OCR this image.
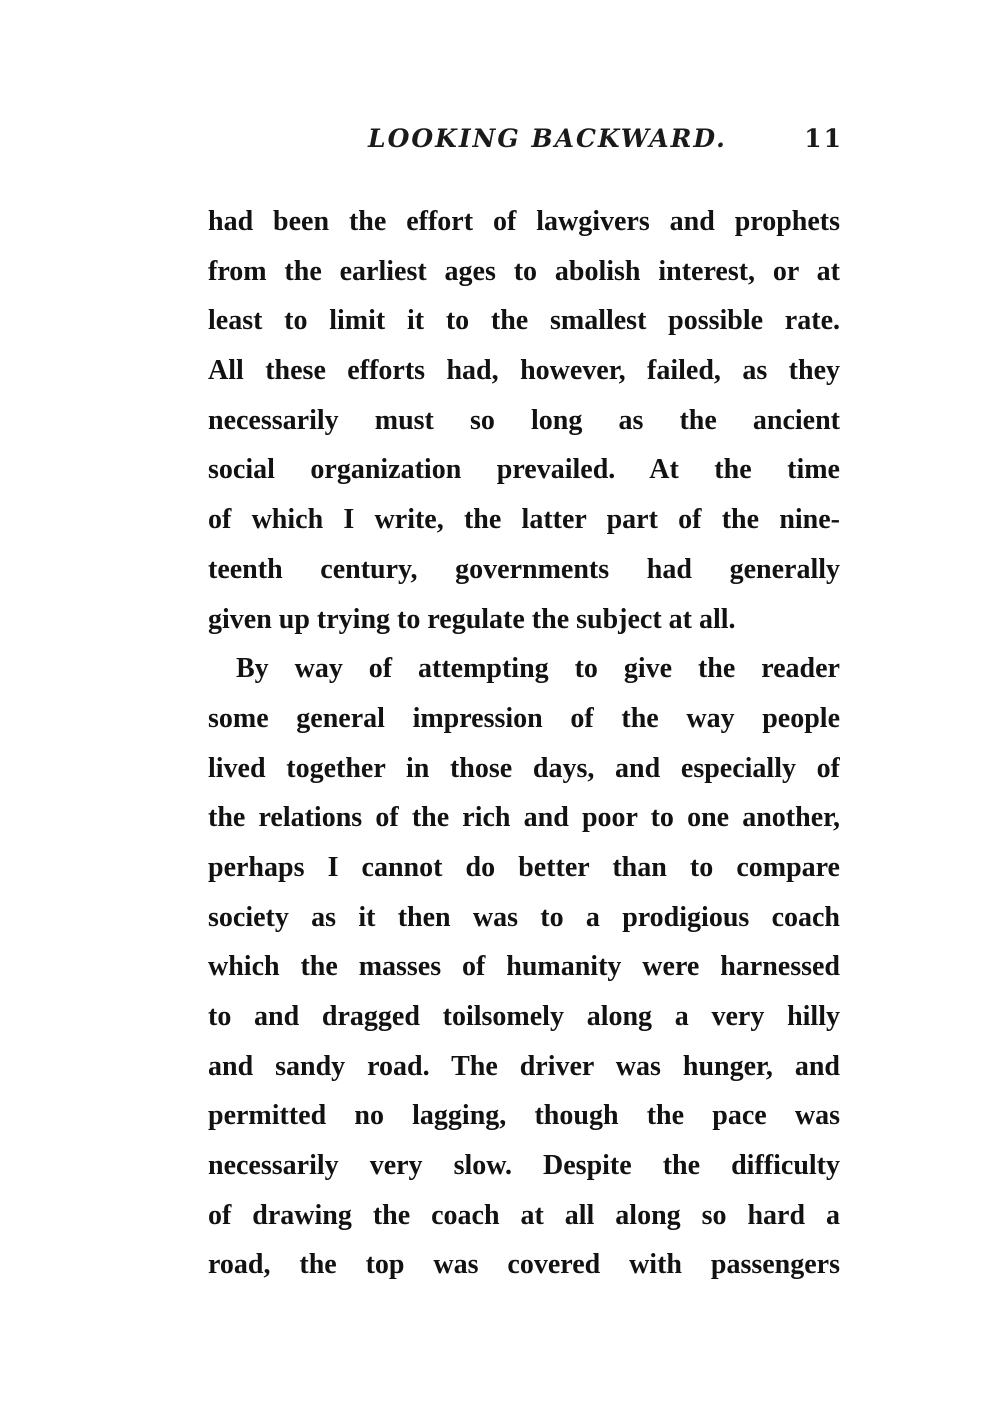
LOOKING BACKWARD.	11
had been the effort of lawgivers and prophets
from the earliest ages to abolish interest, or at
least to limit it to the smallest possible rate.
All these efforts had, however, failed, as they
necessarily must so long as the ancient
social organization prevailed. At the time
of which I write, the latter part of the nine-
teenth century, governments had generally
given up trying to regulate the subject at all.
By way of attempting to give the reader
some general impression of the way people
lived together in those days, and especially of
the relations of the rich and poor to one another,
perhaps I cannot do better than to compare
society as it then was to a prodigious coach
which the masses of humanity were harnessed
to and dragged toilsomely along a very hilly
and sandy road. The driver was hunger, and
permitted no lagging, though the pace was
necessarily very slow. Despite the difficulty
of drawing the coach at all along so hard a
road, the top was covered with passengers
